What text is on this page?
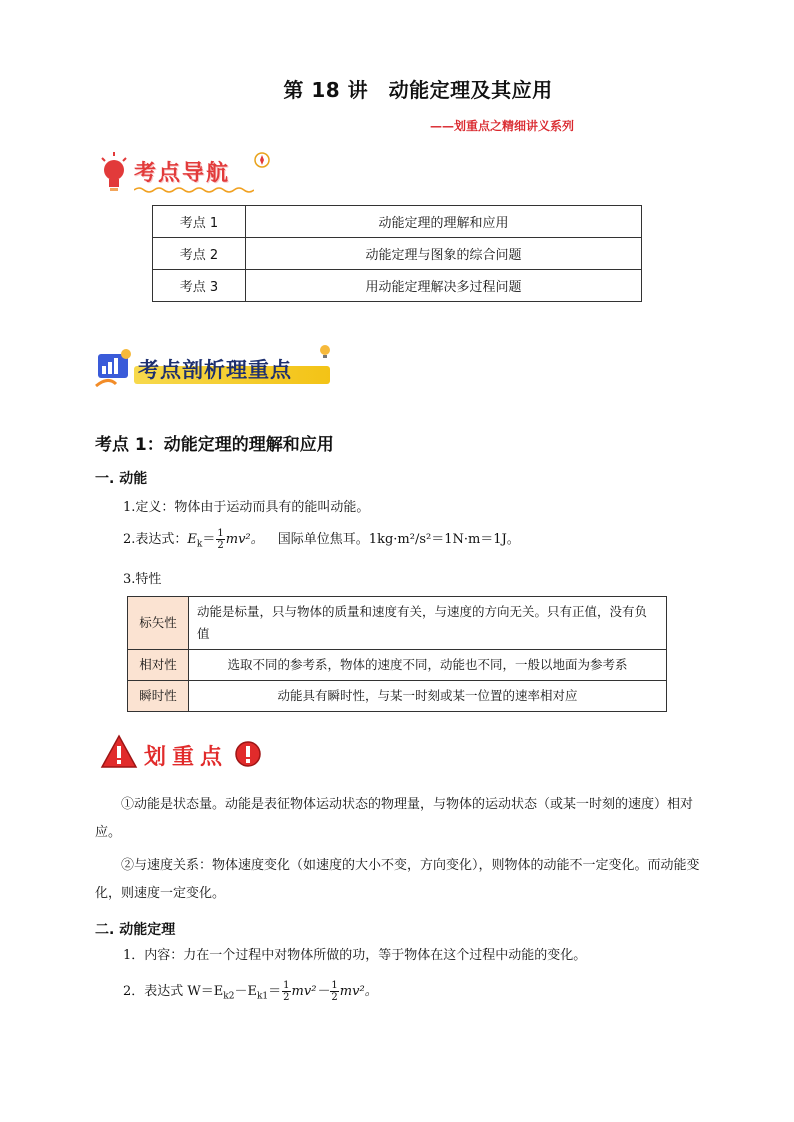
第 18 讲　动能定理及其应用
——划重点之精细讲义系列
考点导航
考点 1	动能定理的理解和应用
考点 2	动能定理与图象的综合问题
考点 3	用动能定理解决多过程问题
考点剖析理重点
考点 1：动能定理的理解和应用
一. 动能
1.定义：物体由于运动而具有的能叫动能。
2.表达式：$E_k= \frac{1}{2} mv^2$。 国际单位焦耳。1kg·m²/s²＝1N·m＝1J。
3.特性
标矢性	动能是标量，只与物体的质量和速度有关，与速度的方向无关。只有正值，没有负值
相对性	选取不同的参考系，物体的速度不同，动能也不同，一般以地面为参考系
瞬时性	动能具有瞬时性，与某一时刻或某一位置的速率相对应
划重点
①动能是状态量。动能是表征物体运动状态的物理量，与物体的运动状态（或某一时刻的速度）相对应。
②与速度关系：物体速度变化（如速度的大小不变，方向变化），则物体的动能不一定变化。而动能变化，则速度一定变化。
二. 动能定理
1．内容：力在一个过程中对物体所做的功，等于物体在这个过程中动能的变化。
2．表达式 $W=E_{k2}-E_{k1}= \frac{1}{2} mv^2- \frac{1}{2} mv^2$。
